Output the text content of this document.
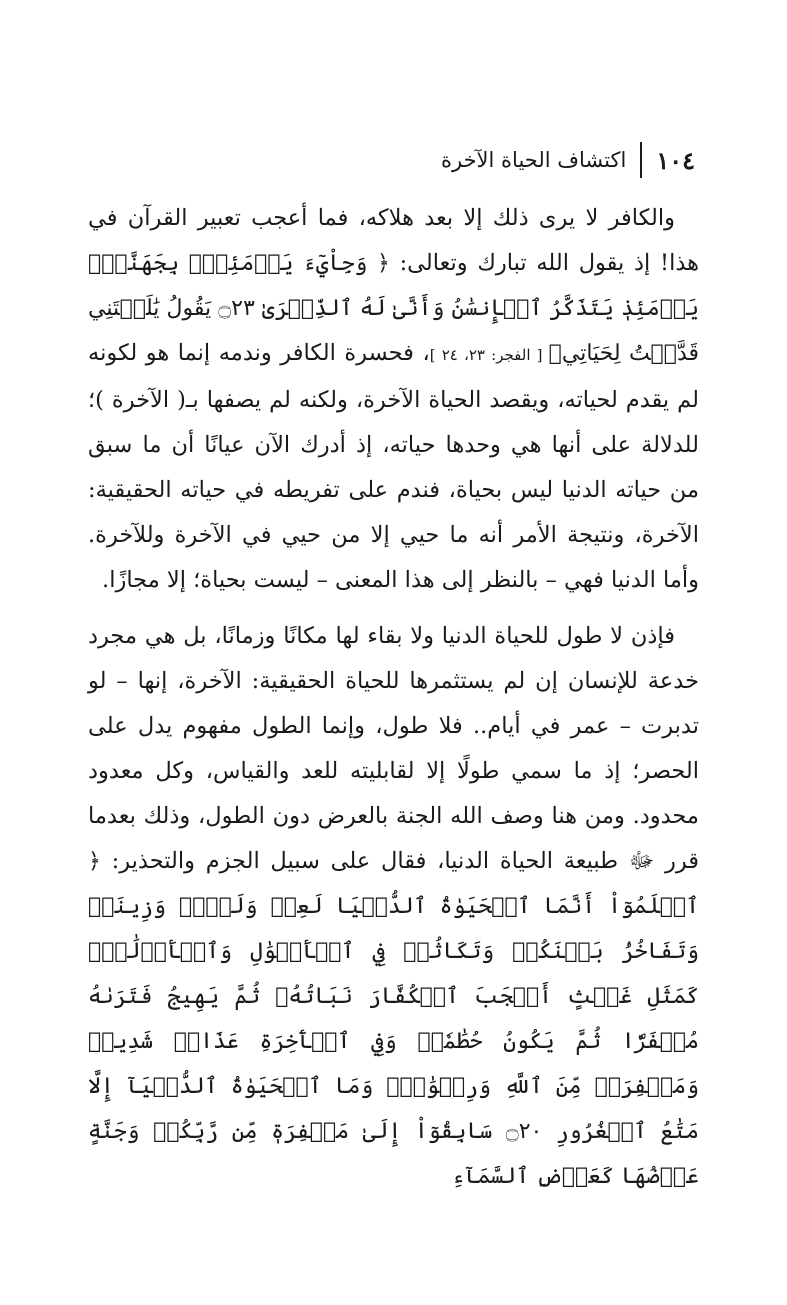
١٠٤
اكتشاف الحياة الآخرة

والكافر لا يرى ذلك إلا بعد هلاكه، فما أعجب تعبير القرآن في هذا! إذ يقول الله تبارك وتعالى: ﴿ وَجِاْيٓءَ يَوۡمَئِذِۭ بِجَهَنَّمَۚ يَوۡمَئِذٖ يَتَذَكَّرُ ٱلۡإِنسَٰنُ وَأَنَّىٰ لَهُ ٱلذِّكۡرَىٰ ۝٢٣ يَقُولُ يَٰلَيۡتَنِي قَدَّمۡتُ لِحَيَاتِي﴾ [ الفجر: ٢٣، ٢٤ ]، فحسرة الكافر وندمه إنما هو لكونه لم يقدم لحياته، ويقصد الحياة الآخرة، ولكنه لم يصفها بـ( الآخرة )؛ للدلالة على أنها هي وحدها حياته، إذ أدرك الآن عيانًا أن ما سبق من حياته الدنيا ليس بحياة، فندم على تفريطه في حياته الحقيقية: الآخرة، ونتيجة الأمر أنه ما حيي إلا من حيي في الآخرة وللآخرة. وأما الدنيا فهي – بالنظر إلى هذا المعنى – ليست بحياة؛ إلا مجازًا.

فإذن لا طول للحياة الدنيا ولا بقاء لها مكانًا وزمانًا، بل هي مجرد خدعة للإنسان إن لم يستثمرها للحياة الحقيقية: الآخرة، إنها – لو تدبرت – عمر في أيام.. فلا طول، وإنما الطول مفهوم يدل على الحصر؛ إذ ما سمي طولًا إلا لقابليته للعد والقياس، وكل معدود محدود. ومن هنا وصف الله الجنة بالعرض دون الطول، وذلك بعدما قرر ﷻ طبيعة الحياة الدنيا، فقال على سبيل الجزم والتحذير: ﴿ ٱعۡلَمُوٓاْ أَنَّمَا ٱلۡحَيَوٰةُ ٱلدُّنۡيَا لَعِبٞ وَلَهۡوٞ وَزِينَةٞ وَتَفَاخُرُۢ بَيۡنَكُمۡ وَتَكَاثُرٞ فِي ٱلۡأَمۡوَٰلِ وَٱلۡأَوۡلَٰدِۖ كَمَثَلِ غَيۡثٍ أَعۡجَبَ ٱلۡكُفَّارَ نَبَاتُهُۥ ثُمَّ يَهِيجُ فَتَرَىٰهُ مُصۡفَرّٗا ثُمَّ يَكُونُ حُطَٰمٗاۖ وَفِي ٱلۡأٓخِرَةِ عَذَابٞ شَدِيدٞ وَمَغۡفِرَةٞ مِّنَ ٱللَّهِ وَرِضۡوَٰنٞۚ وَمَا ٱلۡحَيَوٰةُ ٱلدُّنۡيَآ إِلَّا مَتَٰعُ ٱلۡغُرُورِ ۝٢٠ سَابِقُوٓاْ إِلَىٰ مَغۡفِرَةٖ مِّن رَّبِّكُمۡ وَجَنَّةٍ عَرۡضُهَا كَعَرۡضِ ٱلسَّمَآءِ
